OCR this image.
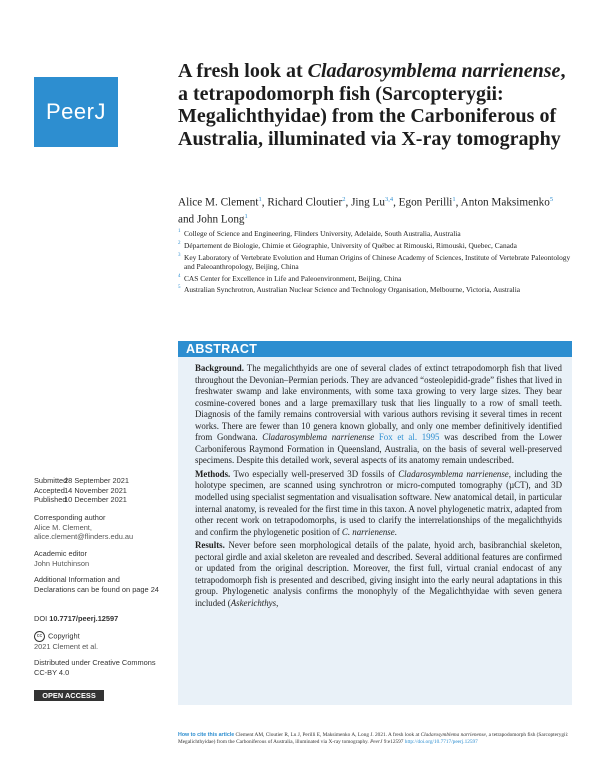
PeerJ
A fresh look at Cladarosymblema narrienense, a tetrapodomorph fish (Sarcopterygii: Megalichthyidae) from the Carboniferous of Australia, illuminated via X-ray tomography
Alice M. Clement$^1$, Richard Cloutier$^2$, Jing Lu$^{3,4}$, Egon Perilli$^1$, Anton Maksimenko$^5$ and John Long$^1$
1 College of Science and Engineering, Flinders University, Adelaide, South Australia, Australia
2 Département de Biologie, Chimie et Géographie, University of Québec at Rimouski, Rimouski, Quebec, Canada
3 Key Laboratory of Vertebrate Evolution and Human Origins of Chinese Academy of Sciences, Institute of Vertebrate Paleontology and Paleoanthropology, Beijing, China
4 CAS Center for Excellence in Life and Paleoenvironment, Beijing, China
5 Australian Synchrotron, Australian Nuclear Science and Technology Organisation, Melbourne, Victoria, Australia
ABSTRACT

Background. The megalichthyids are one of several clades of extinct tetrapodomorph fish that lived throughout the Devonian–Permian periods. They are advanced “osteolepidid-grade” fishes that lived in freshwater swamp and lake environments, with some taxa growing to very large sizes. They bear cosmine-covered bones and a large premaxillary tusk that lies lingually to a row of small teeth. Diagnosis of the family remains controversial with various authors revising it several times in recent works. There are fewer than 10 genera known globally, and only one member definitively identified from Gondwana. Cladarosymblema narrienense Fox et al. 1995 was described from the Lower Carboniferous Raymond Formation in Queensland, Australia, on the basis of several well-preserved specimens. Despite this detailed work, several aspects of its anatomy remain undescribed.

Methods. Two especially well-preserved 3D fossils of Cladarosymblema narrienense, including the holotype specimen, are scanned using synchrotron or micro-computed tomography (µCT), and 3D modelled using specialist segmentation and visualisation software. New anatomical detail, in particular internal anatomy, is revealed for the first time in this taxon. A novel phylogenetic matrix, adapted from other recent work on tetrapodomorphs, is used to clarify the interrelationships of the megalichthyids and confirm the phylogenetic position of C. narrienense.

Results. Never before seen morphological details of the palate, hyoid arch, basibranchial skeleton, pectoral girdle and axial skeleton are revealed and described. Several additional features are confirmed or updated from the original description. Moreover, the first full, virtual cranial endocast of any tetrapodomorph fish is presented and described, giving insight into the early neural adaptations in this group. Phylogenetic analysis confirms the monophyly of the Megalichthyidae with seven genera included (Askerichthys,

Submitted 28 September 2021
Accepted 14 November 2021
Published 10 December 2021
Corresponding author
Alice M. Clement,
alice.clement@flinders.edu.au
Academic editor
John Hutchinson
Additional Information and Declarations can be found on page 24
DOI 10.7717/peerj.12597
cc Copyright
2021 Clement et al.
Distributed under Creative Commons CC-BY 4.0
OPEN ACCESS
How to cite this article Clement AM, Cloutier R, Lu J, Perilli E, Maksimenko A, Long J. 2021. A fresh look at Cladarosymblema narrienense, a tetrapodomorph fish (Sarcopterygii: Megalichthyidae) from the Carboniferous of Australia, illuminated via X-ray tomography. PeerJ 9:e12597 http://doi.org/10.7717/peerj.12597
